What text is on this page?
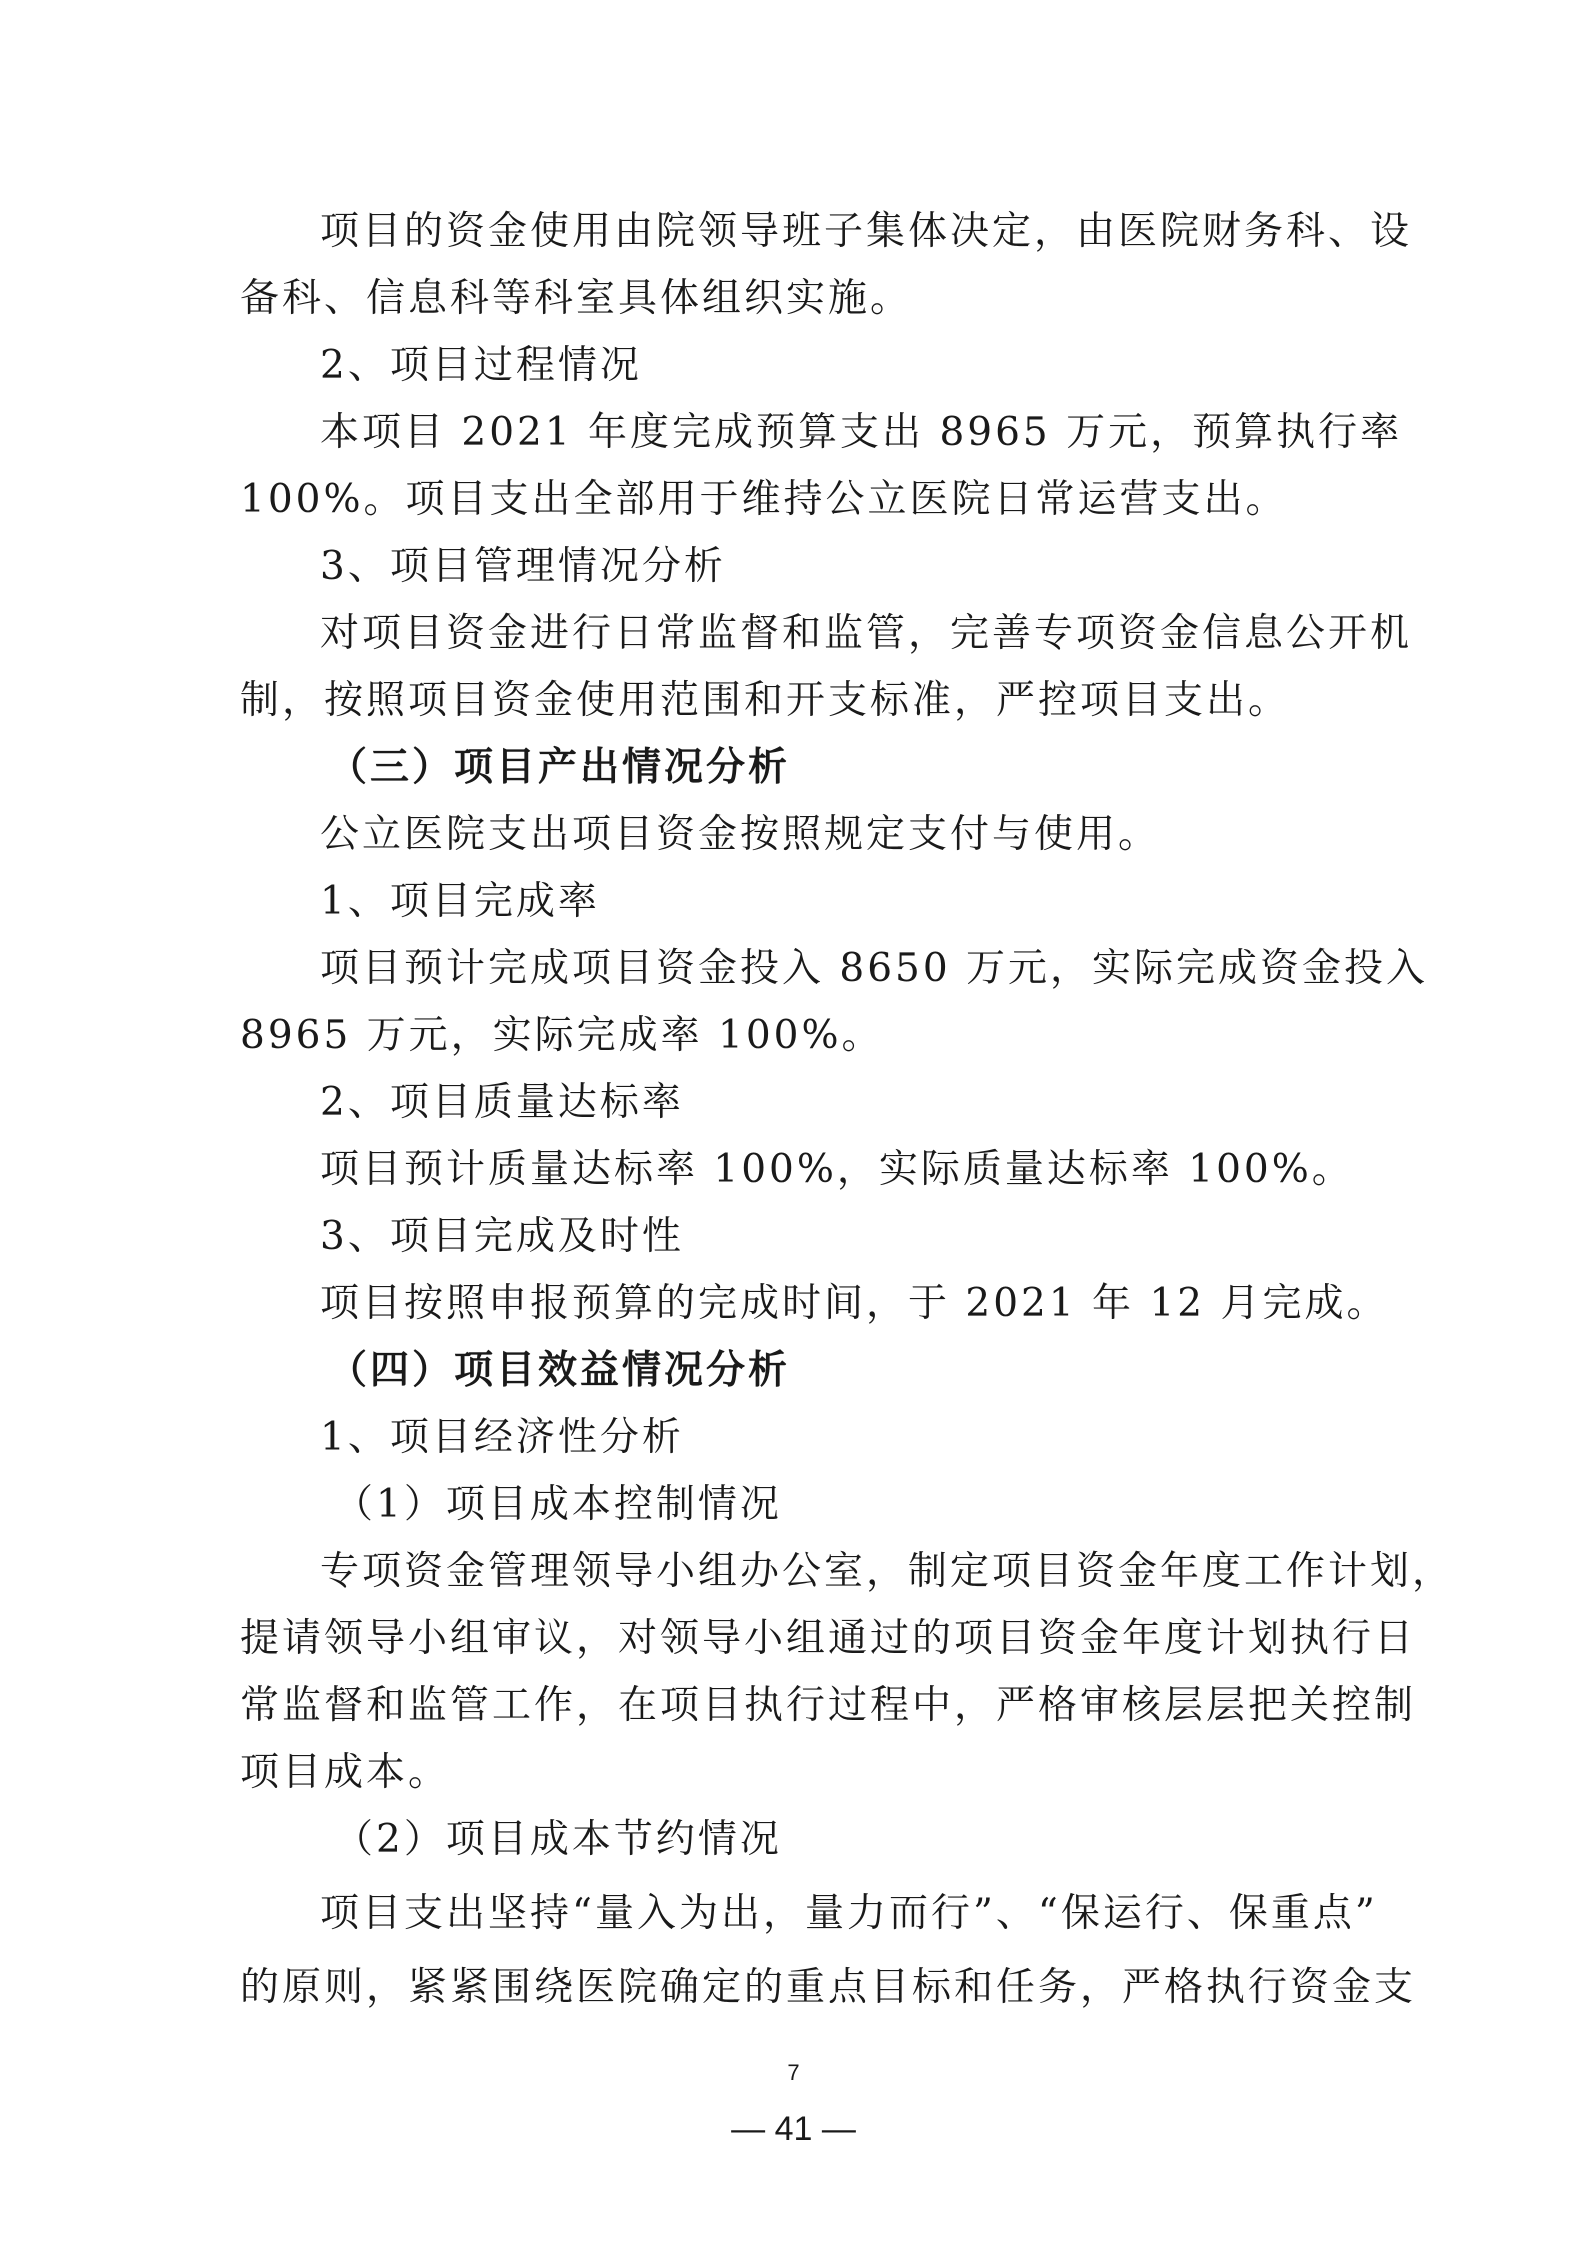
项目的资金使用由院领导班子集体决定，由医院财务科、设
备科、信息科等科室具体组织实施。
2、项目过程情况
本项目 2021 年度完成预算支出 8965 万元，预算执行率
100%。项目支出全部用于维持公立医院日常运营支出。
3、项目管理情况分析
对项目资金进行日常监督和监管，完善专项资金信息公开机
制，按照项目资金使用范围和开支标准，严控项目支出。
（三）项目产出情况分析
公立医院支出项目资金按照规定支付与使用。
1、项目完成率
项目预计完成项目资金投入 8650 万元，实际完成资金投入
8965 万元，实际完成率 100%。
2、项目质量达标率
项目预计质量达标率 100%，实际质量达标率 100%。
3、项目完成及时性
项目按照申报预算的完成时间，于 2021 年 12 月完成。
（四）项目效益情况分析
1、项目经济性分析
（1）项目成本控制情况
专项资金管理领导小组办公室，制定项目资金年度工作计划，
提请领导小组审议，对领导小组通过的项目资金年度计划执行日
常监督和监管工作，在项目执行过程中，严格审核层层把关控制
项目成本。
（2）项目成本节约情况
项目支出坚持“量入为出，量力而行”、“保运行、保重点”
的原则，紧紧围绕医院确定的重点目标和任务，严格执行资金支
7
— 41 —
